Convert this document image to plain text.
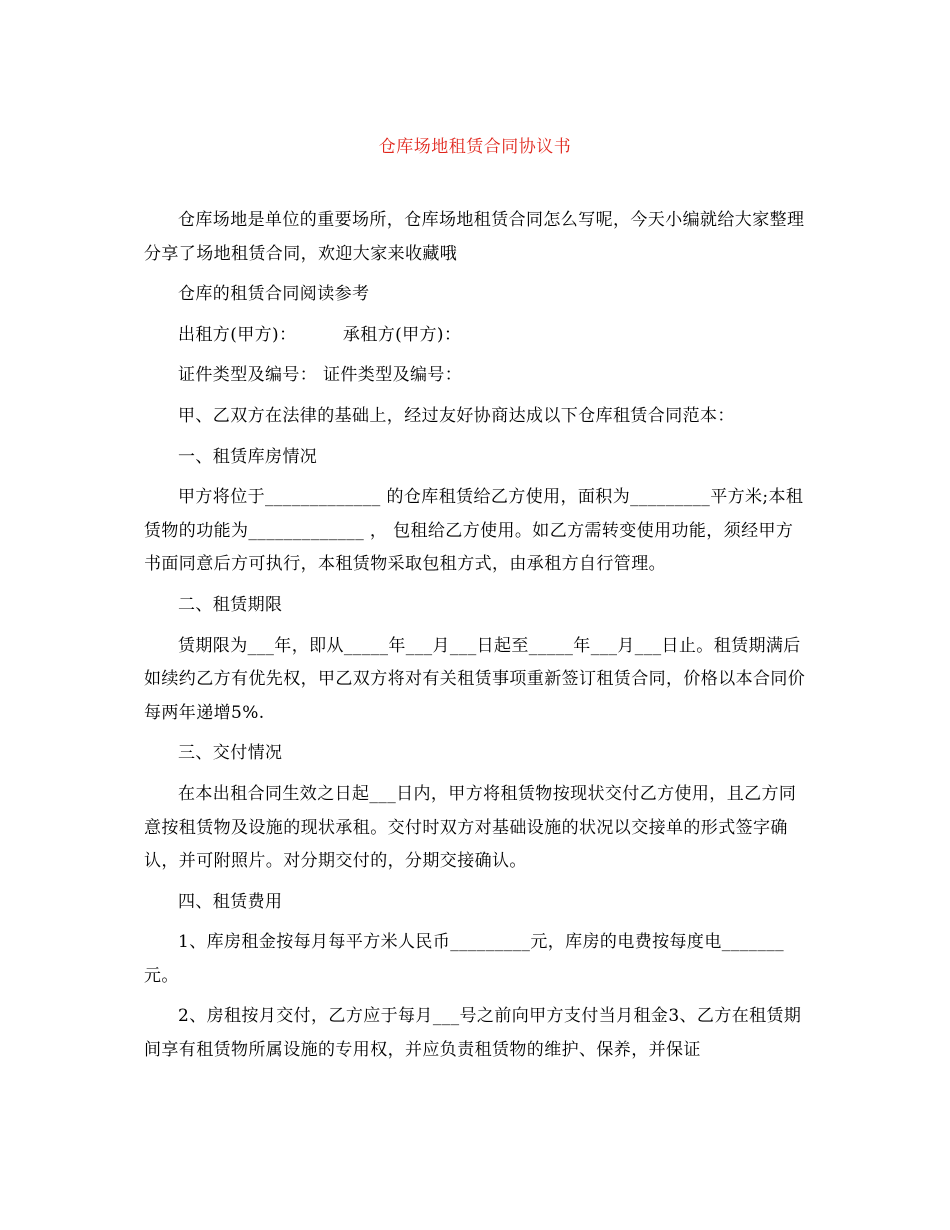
仓库场地租赁合同协议书

仓库场地是单位的重要场所，仓库场地租赁合同怎么写呢，今天小编就给大家整理分享了场地租赁合同，欢迎大家来收藏哦

仓库的租赁合同阅读参考

出租方(甲方)：        承租方(甲方)：

证件类型及编号： 证件类型及编号：

甲、乙双方在法律的基础上，经过友好协商达成以下仓库租赁合同范本：

一、租赁库房情况

甲方将位于_____________ 的仓库租赁给乙方使用，面积为_________平方米;本租赁物的功能为_____________ ， 包租给乙方使用。如乙方需转变使用功能，须经甲方书面同意后方可执行，本租赁物采取包租方式，由承租方自行管理。

二、租赁期限

赁期限为___年，即从_____年___月___日起至_____年___月___日止。租赁期满后如续约乙方有优先权，甲乙双方将对有关租赁事项重新签订租赁合同，价格以本合同价每两年递增5%.

三、交付情况

在本出租合同生效之日起___日内，甲方将租赁物按现状交付乙方使用，且乙方同意按租赁物及设施的现状承租。交付时双方对基础设施的状况以交接单的形式签字确认，并可附照片。对分期交付的，分期交接确认。

四、租赁费用

1、库房租金按每月每平方米人民币_________元，库房的电费按每度电_______元。

2、房租按月交付，乙方应于每月___号之前向甲方支付当月租金3、乙方在租赁期间享有租赁物所属设施的专用权，并应负责租赁物的维护、保养，并保证
